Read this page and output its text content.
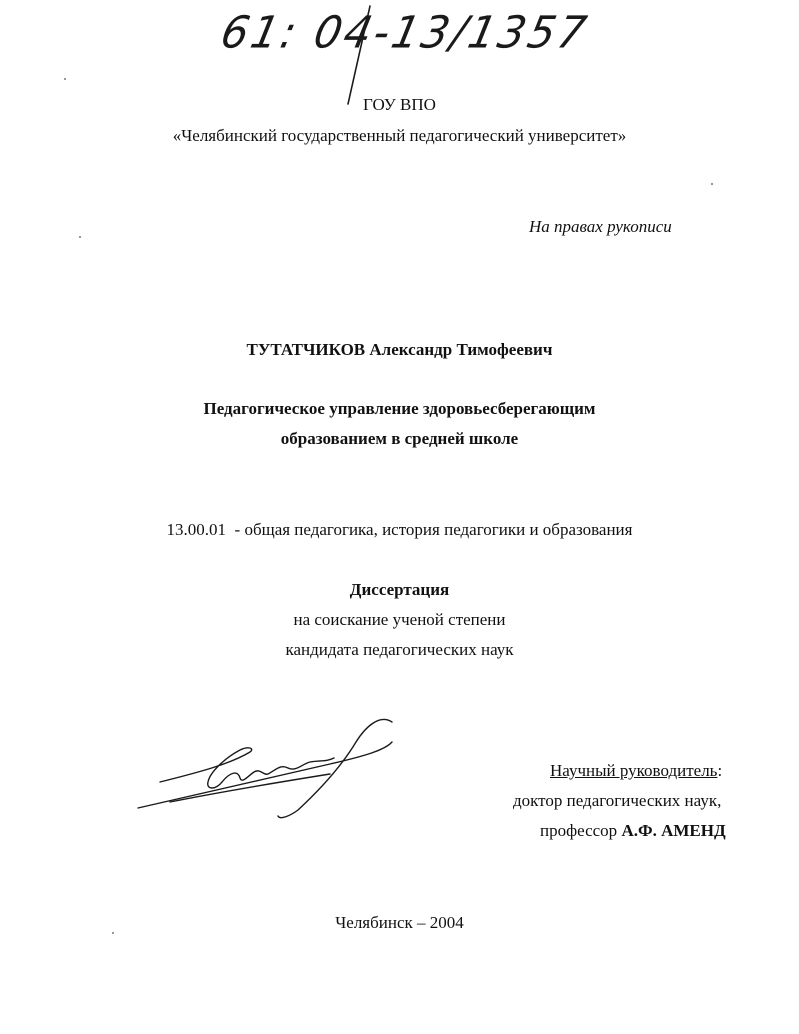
61: 04-13/1357
ГОУ ВПО
«Челябинский государственный педагогический университет»
На правах рукописи
ТУТАТЧИКОВ Александр Тимофеевич
Педагогическое управление здоровьесберегающим
образованием в средней школе
13.00.01 - общая педагогика, история педагогики и образования
Диссертация
на соискание ученой степени
кандидата педагогических наук
Научный руководитель:
доктор педагогических наук,
профессор А.Ф. АМЕНД
Челябинск – 2004
